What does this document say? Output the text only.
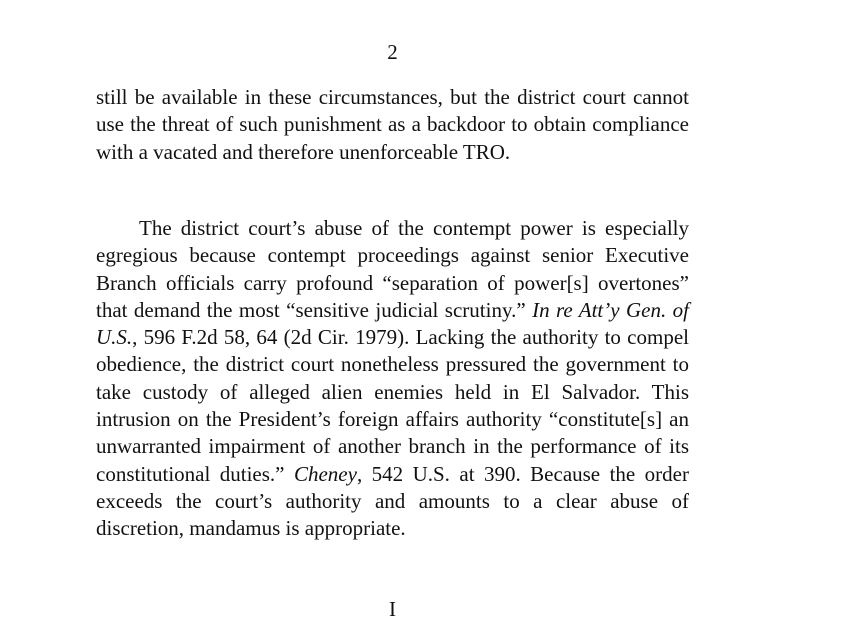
2

still be available in these circumstances, but the district court cannot use the threat of such punishment as a backdoor to obtain compliance with a vacated and therefore unenforceable TRO.

The district court’s abuse of the contempt power is especially egregious because contempt proceedings against senior Executive Branch officials carry profound “separation of power[s] overtones” that demand the most “sensitive judicial scrutiny.” In re Att’y Gen. of U.S., 596 F.2d 58, 64 (2d Cir. 1979). Lacking the authority to compel obedience, the district court nonetheless pressured the government to take custody of alleged alien enemies held in El Salvador. This intrusion on the President’s foreign affairs authority “constitute[s] an unwarranted impairment of another branch in the performance of its constitutional duties.” Cheney, 542 U.S. at 390. Because the order exceeds the court’s authority and amounts to a clear abuse of discretion, mandamus is appropriate.

I
